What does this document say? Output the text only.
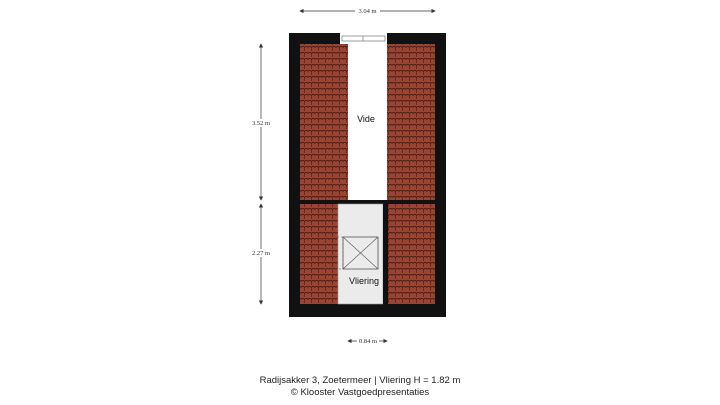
Vide
Vliering
3.04 m
3.52 m
2.27 m
0.84 m
Radijsakker 3, Zoetermeer | Vliering H = 1.82 m
© Klooster Vastgoedpresentaties
